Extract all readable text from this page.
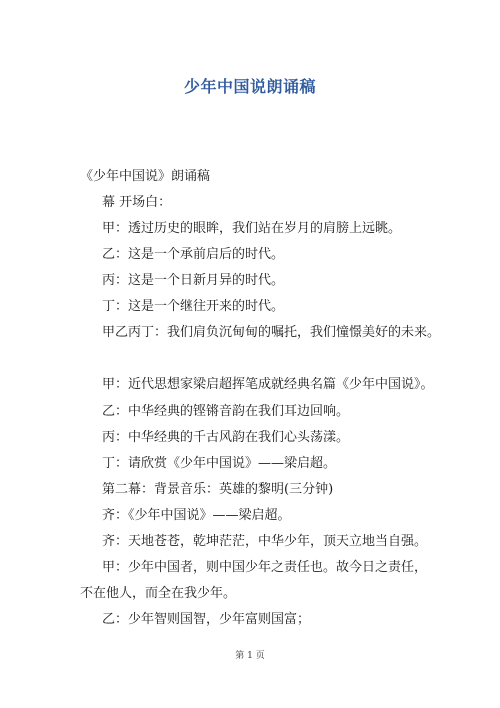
少年中国说朗诵稿
《少年中国说》朗诵稿
幕 开场白：
甲：透过历史的眼眸，我们站在岁月的肩膀上远眺。
乙：这是一个承前启后的时代。
丙：这是一个日新月异的时代。
丁：这是一个继往开来的时代。
甲乙丙丁：我们肩负沉甸甸的嘱托，我们憧憬美好的未来。
甲：近代思想家梁启超挥笔成就经典名篇《少年中国说》。
乙：中华经典的铿锵音韵在我们耳边回响。
丙：中华经典的千古风韵在我们心头荡漾。
丁：请欣赏《少年中国说》——梁启超。
第二幕：背景音乐：英雄的黎明(三分钟)
齐：《少年中国说》——梁启超。
齐：天地苍苍，乾坤茫茫，中华少年，顶天立地当自强。
甲：少年中国者，则中国少年之责任也。故今日之责任，
不在他人，而全在我少年。
乙：少年智则国智，少年富则国富；
第 1 页
